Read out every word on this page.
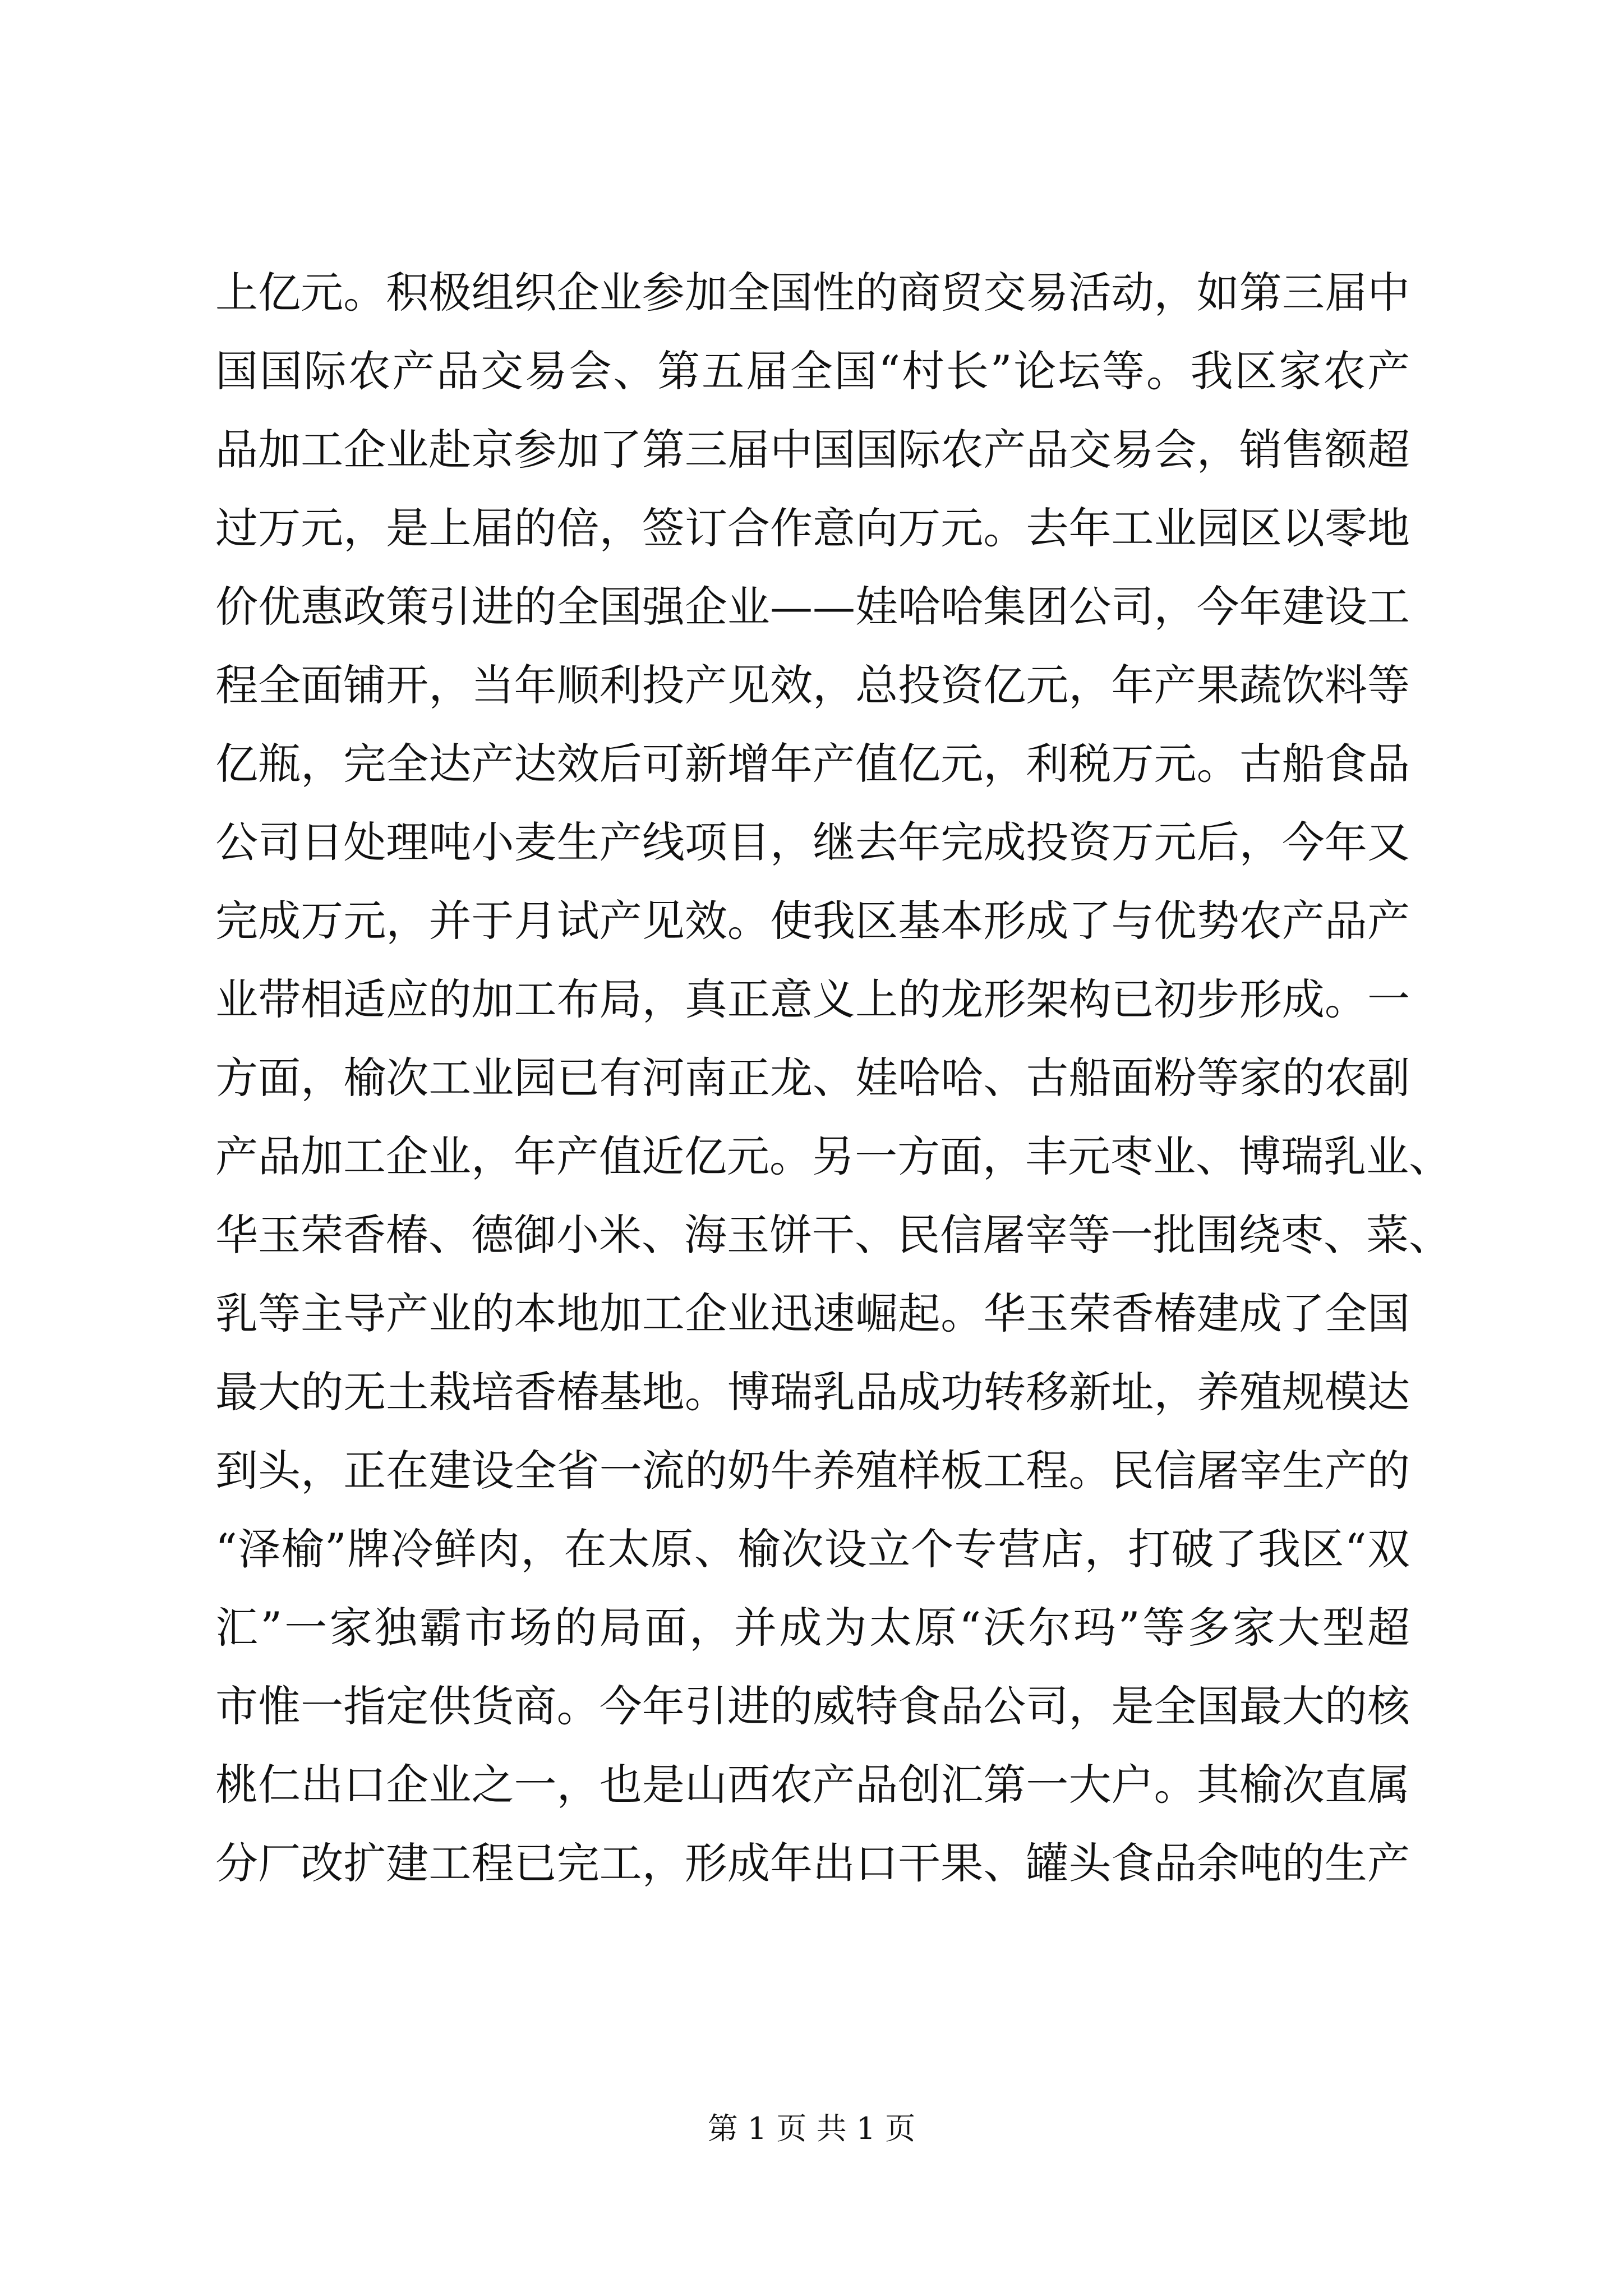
上亿元。积极组织企业参加全国性的商贸交易活动，如第三届中
国国际农产品交易会、第五届全国“村长”论坛等。我区家农产
品加工企业赴京参加了第三届中国国际农产品交易会，销售额超
过万元，是上届的倍，签订合作意向万元。去年工业园区以零地
价优惠政策引进的全国强企业——娃哈哈集团公司，今年建设工
程全面铺开，当年顺利投产见效，总投资亿元，年产果蔬饮料等
亿瓶，完全达产达效后可新增年产值亿元，利税万元。古船食品
公司日处理吨小麦生产线项目，继去年完成投资万元后，今年又
完成万元，并于月试产见效。使我区基本形成了与优势农产品产
业带相适应的加工布局，真正意义上的龙形架构已初步形成。一
方面，榆次工业园已有河南正龙、娃哈哈、古船面粉等家的农副
产品加工企业，年产值近亿元。另一方面，丰元枣业、博瑞乳业、
华玉荣香椿、德御小米、海玉饼干、民信屠宰等一批围绕枣、菜、
乳等主导产业的本地加工企业迅速崛起。华玉荣香椿建成了全国
最大的无土栽培香椿基地。博瑞乳品成功转移新址，养殖规模达
到头，正在建设全省一流的奶牛养殖样板工程。民信屠宰生产的
“泽榆”牌冷鲜肉，在太原、榆次设立个专营店，打破了我区“双
汇”一家独霸市场的局面，并成为太原“沃尔玛”等多家大型超
市惟一指定供货商。今年引进的威特食品公司，是全国最大的核
桃仁出口企业之一，也是山西农产品创汇第一大户。其榆次直属
分厂改扩建工程已完工，形成年出口干果、罐头食品余吨的生产
第 1 页 共 1 页
